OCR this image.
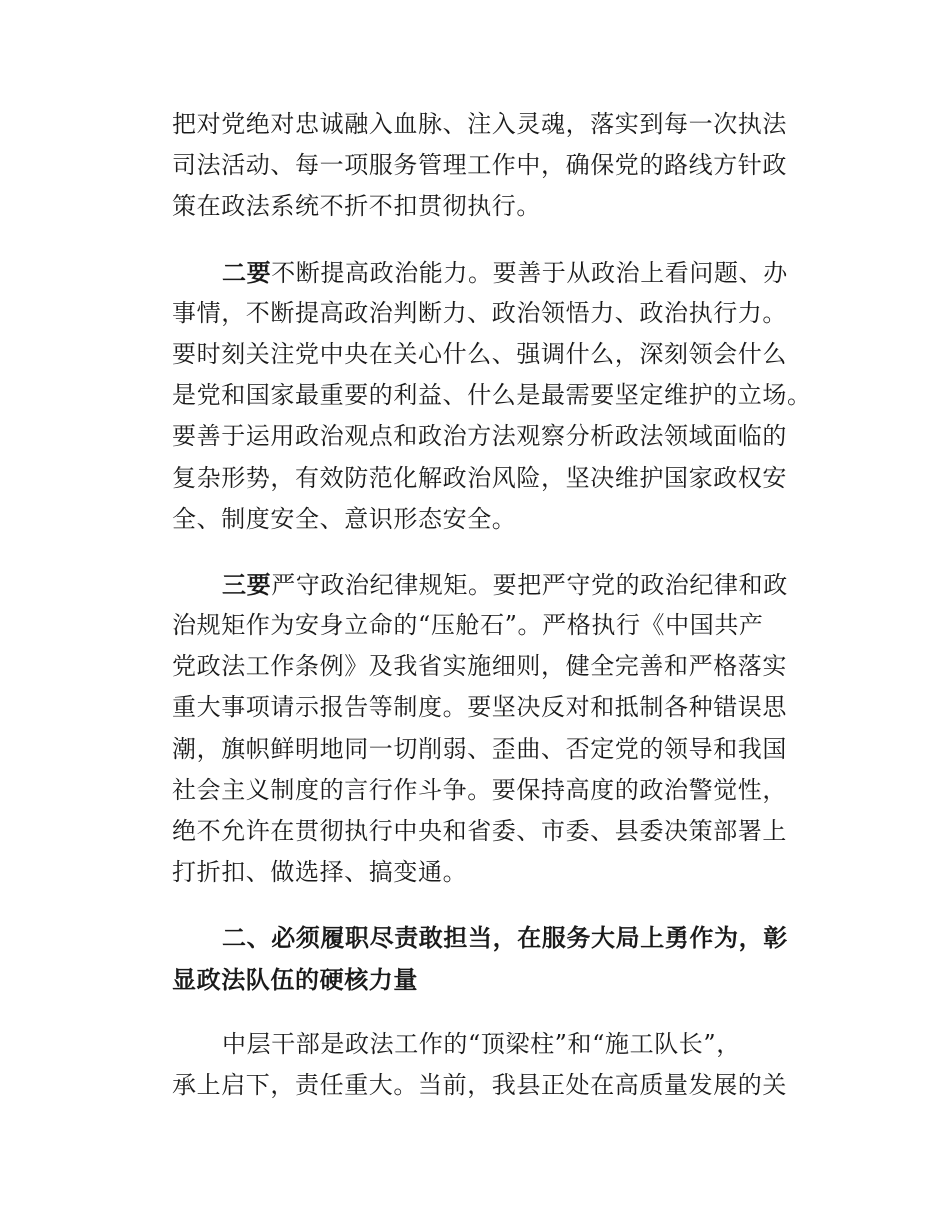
把对党绝对忠诚融入血脉、注入灵魂，落实到每一次执法
司法活动、每一项服务管理工作中，确保党的路线方针政
策在政法系统不折不扣贯彻执行。
二要不断提高政治能力。要善于从政治上看问题、办
事情，不断提高政治判断力、政治领悟力、政治执行力。
要时刻关注党中央在关心什么、强调什么，深刻领会什么
是党和国家最重要的利益、什么是最需要坚定维护的立场。
要善于运用政治观点和政治方法观察分析政法领域面临的
复杂形势，有效防范化解政治风险，坚决维护国家政权安
全、制度安全、意识形态安全。
三要严守政治纪律规矩。要把严守党的政治纪律和政
治规矩作为安身立命的“压舱石”。严格执行《中国共产
党政法工作条例》及我省实施细则，健全完善和严格落实
重大事项请示报告等制度。要坚决反对和抵制各种错误思
潮，旗帜鲜明地同一切削弱、歪曲、否定党的领导和我国
社会主义制度的言行作斗争。要保持高度的政治警觉性，
绝不允许在贯彻执行中央和省委、市委、县委决策部署上
打折扣、做选择、搞变通。
二、必须履职尽责敢担当，在服务大局上勇作为，彰
显政法队伍的硬核力量
中层干部是政法工作的“顶梁柱”和“施工队长”，
承上启下，责任重大。当前，我县正处在高质量发展的关
